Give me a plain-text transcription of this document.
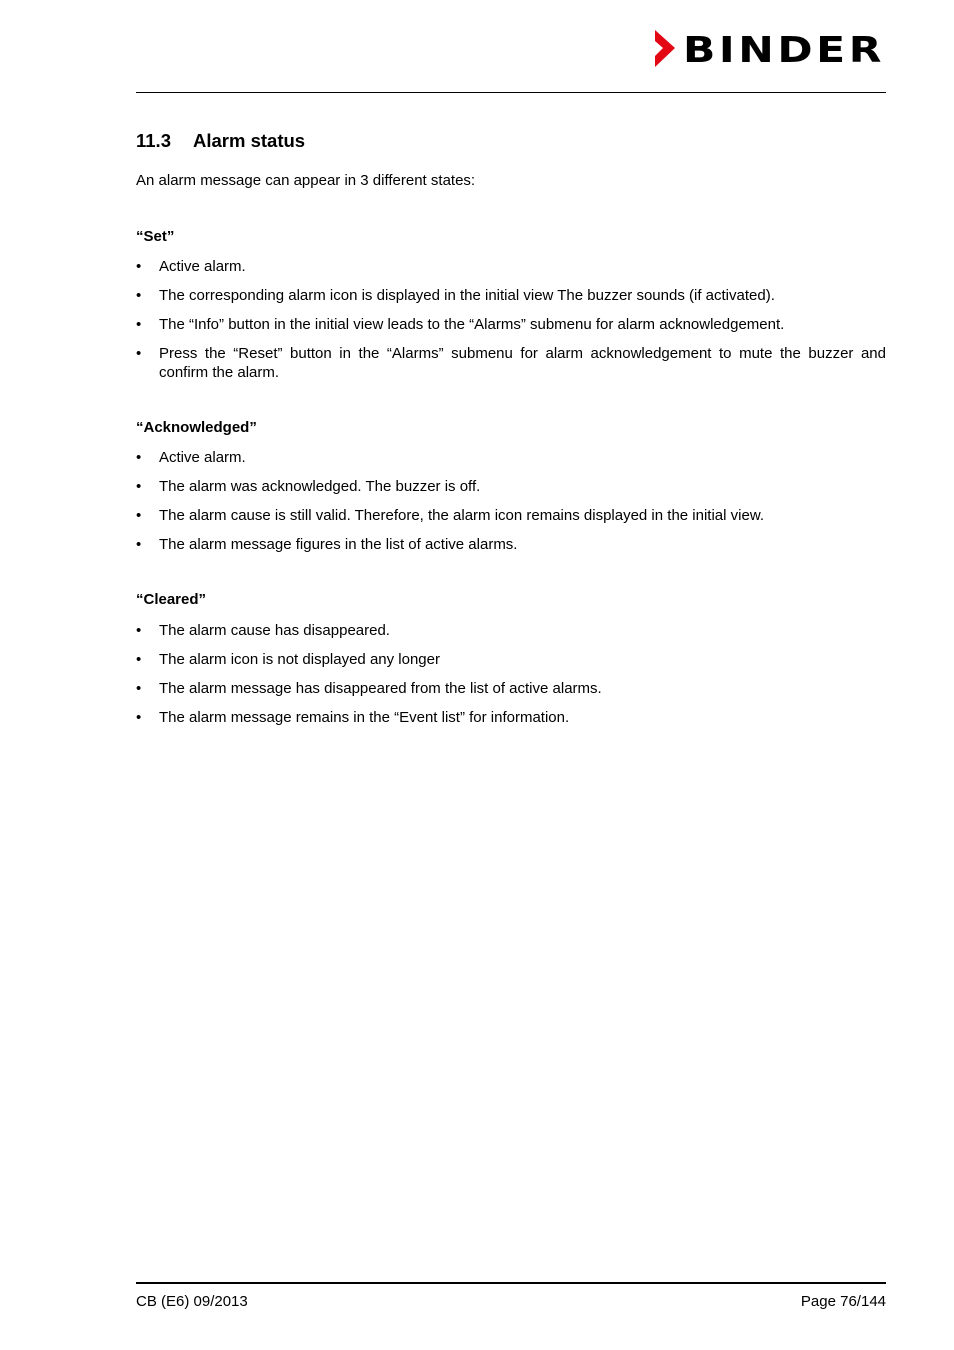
BINDER
11.3 Alarm status
An alarm message can appear in 3 different states:
“Set”
• Active alarm.
• The corresponding alarm icon is displayed in the initial view The buzzer sounds (if activated).
• The “Info” button in the initial view leads to the “Alarms” submenu for alarm acknowledgement.
• Press the “Reset” button in the “Alarms” submenu for alarm acknowledgement to mute the buzzer and confirm the alarm.
“Acknowledged”
• Active alarm.
• The alarm was acknowledged. The buzzer is off.
• The alarm cause is still valid. Therefore, the alarm icon remains displayed in the initial view.
• The alarm message figures in the list of active alarms.
“Cleared”
• The alarm cause has disappeared.
• The alarm icon is not displayed any longer
• The alarm message has disappeared from the list of active alarms.
• The alarm message remains in the “Event list” for information.
CB (E6) 09/2013	Page 76/144
